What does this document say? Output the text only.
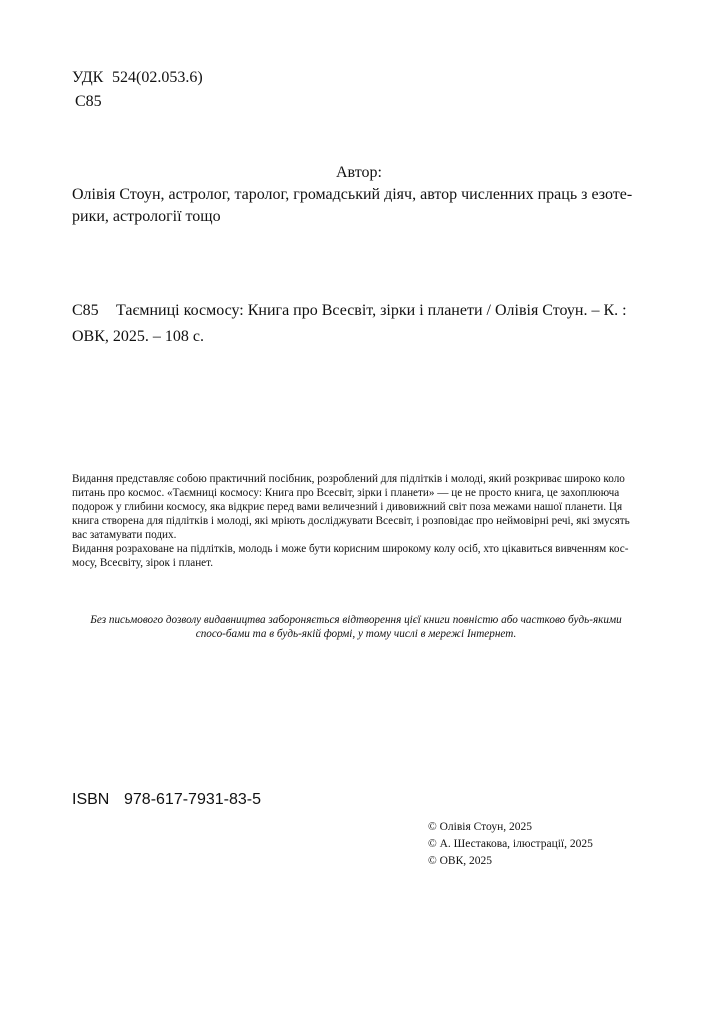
УДК 524(02.053.6)
С85
Автор:
Олівія Стоун, астролог, таролог, громадський діяч, автор численних праць з езоте-
рики, астрології тощо
С85 Таємниці космосу: Книга про Всесвіт, зірки і планети / Олівія Стоун. – К. :
ОВК, 2025. – 108 с.
Видання представляє собою практичний посібник, розроблений для підлітків і молоді, який розкриває широко коло
питань про космос. «Таємниці космосу: Книга про Всесвіт, зірки і планети» — це не просто книга, це захоплююча
подорож у глибини космосу, яка відкриє перед вами величезний і дивовижний світ поза межами нашої планети. Ця
книга створена для підлітків і молоді, які мріють досліджувати Всесвіт, і розповідає про неймовірні речі, які змусять
вас затамувати подих.
Видання розраховане на підлітків, молодь і може бути корисним широкому колу осіб, хто цікавиться вивченням кос-
мосу, Всесвіту, зірок і планет.
Без письмового дозволу видавництва забороняється відтворення цієї книги повністю або частково будь-якими
спосо-бами та в будь-якій формі, у тому числі в мережі Інтернет.
ISBN 978-617-7931-83-5
© Олівія Стоун, 2025
© А. Шестакова, ілюстрації, 2025
© ОВК, 2025
